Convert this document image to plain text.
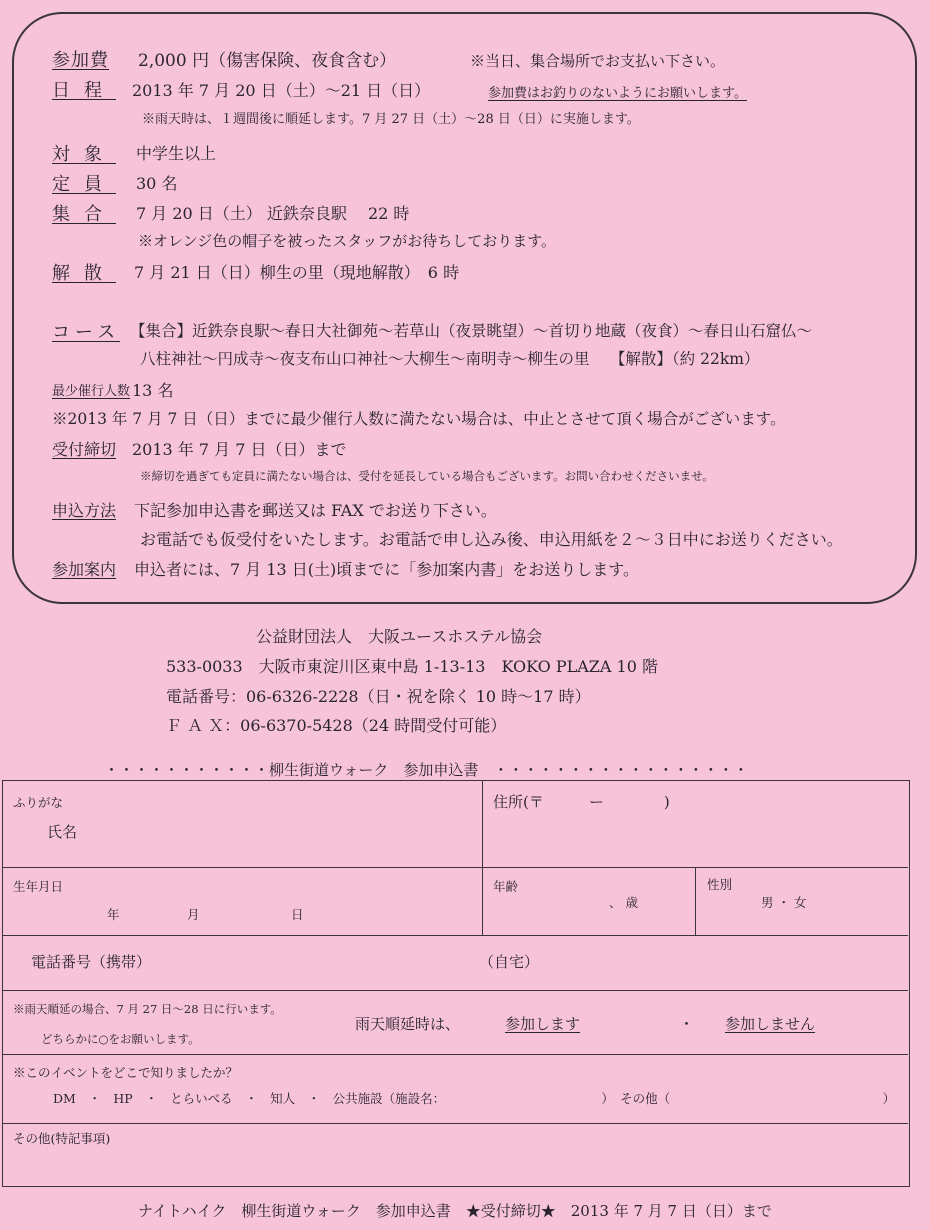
参加費 2,000 円（傷害保険、夜食含む）	※当日、集合場所でお支払い下さい。
日程 2013 年 7 月 20 日（土）～21 日（日）	参加費はお釣りのないようにお願いします。
※雨天時は、１週間後に順延します。7 月 27 日（土）～28 日（日）に実施します。
対象 中学生以上
定員 30 名
集合 7 月 20 日（土） 近鉄奈良駅　 22 時
※オレンジ色の帽子を被ったスタッフがお待ちしております。
解散 7 月 21 日（日）柳生の里（現地解散）　6 時
コース 【集合】近鉄奈良駅～春日大社御苑～若草山（夜景眺望）～首切り地蔵（夜食）～春日山石窟仏～
八柱神社～円成寺～夜支布山口神社～大柳生～南明寺～柳生の里　 【解散】（約 22km）
最少催行人数 13 名
※2013 年 7 月 7 日（日）までに最少催行人数に満たない場合は、中止とさせて頂く場合がございます。
受付締切 2013 年 7 月 7 日（日）まで
※締切を過ぎても定員に満たない場合は、受付を延長している場合もございます。お問い合わせくださいませ。
申込方法 下記参加申込書を郵送又は FAX でお送り下さい。
お電話でも仮受付をいたします。お電話で申し込み後、申込用紙を２～３日中にお送りください。
参加案内 申込者には、7 月 13 日(土)頃までに「参加案内書」をお送りします。
公益財団法人　大阪ユースホステル協会
533-0033　大阪市東淀川区東中島 1-13-13　KOKO PLAZA 10 階
電話番号：06-6326-2228（日・祝を除く 10 時～17 時）
Ｆ Ａ Ｘ：06-6370-5428（24 時間受付可能）
・・・・・・・・・・・柳生街道ウォーク　参加申込書　・・・・・・・・・・・・・・・・・
ふりがな
氏名
住所(〒　　　ー　　　　)
生年月日
年	月	日
年齢
、 歳
性別
男 ・ 女
電話番号（携帯）	（自宅）
※雨天順延の場合、7 月 27 日～28 日に行います。
どちらかに○をお願いします。
雨天順延時は、	参加します	・ 参加しません
※このイベントをどこで知りましたか？
DM　・　HP　・　とらいべる　・　知人　・　公共施設（施設名：　　　　　　　　　　　　　）　その他（　　　　　　　　　　　　　　　　　）
その他(特記事項)
ナイトハイク　柳生街道ウォーク　参加申込書　★受付締切★　2013 年 7 月 7 日（日）まで
